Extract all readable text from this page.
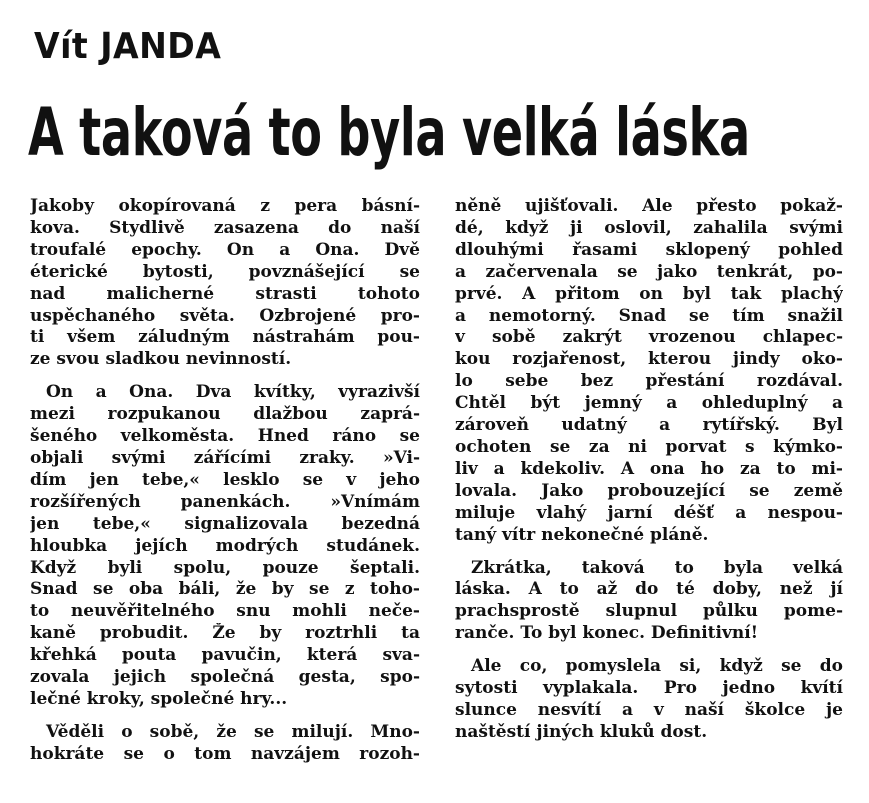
Vít JANDA
A taková to byla velká láska
Jakoby okopírovaná z pera básní-
kova. Stydlivě zasazena do naší
troufalé epochy. On a Ona. Dvě
éterické bytosti, povznášející se
nad malicherné strasti tohoto
uspěchaného světa. Ozbrojené pro-
ti všem záludným nástrahám pou-
ze svou sladkou nevinností.
On a Ona. Dva kvítky, vyrazivší
mezi rozpukanou dlažbou zaprá-
šeného velkoměsta. Hned ráno se
objali svými zářícími zraky. »Vi-
dím jen tebe,« lesklo se v jeho
rozšířených panenkách. »Vnímám
jen tebe,« signalizovala bezedná
hloubka jejích modrých studánek.
Když byli spolu, pouze šeptali.
Snad se oba báli, že by se z toho-
to neuvěřitelného snu mohli neče-
kaně probudit. Že by roztrhli ta
křehká pouta pavučin, která sva-
zovala jejich společná gesta, spo-
lečné kroky, společné hry...
Věděli o sobě, že se milují. Mno-
hokráte se o tom navzájem rozoh-
něně ujišťovali. Ale přesto pokaž-
dé, když ji oslovil, zahalila svými
dlouhými řasami sklopený pohled
a začervenala se jako tenkrát, po-
prvé. A přitom on byl tak plachý
a nemotorný. Snad se tím snažil
v sobě zakrýt vrozenou chlapec-
kou rozjařenost, kterou jindy oko-
lo sebe bez přestání rozdával.
Chtěl být jemný a ohleduplný a
zároveň udatný a rytířský. Byl
ochoten se za ni porvat s kýmko-
liv a kdekoliv. A ona ho za to mi-
lovala. Jako probouzející se země
miluje vlahý jarní déšť a nespou-
taný vítr nekonečné pláně.
Zkrátka, taková to byla velká
láska. A to až do té doby, než jí
prachsprostě slupnul půlku pome-
ranče. To byl konec. Definitivní!
Ale co, pomyslela si, když se do
sytosti vyplakala. Pro jedno kvítí
slunce nesvítí a v naší školce je
naštěstí jiných kluků dost.
